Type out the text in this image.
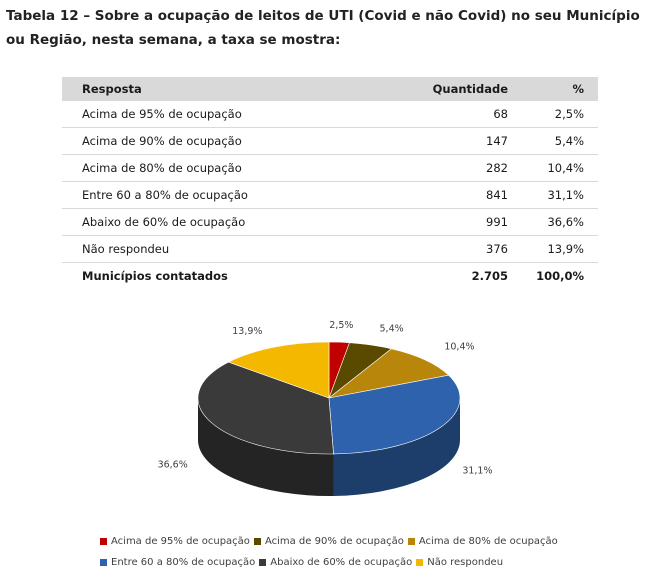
Tabela 12 – Sobre a ocupação de leitos de UTI (Covid e não Covid) no seu Município
ou Região, nesta semana, a taxa se mostra:
Resposta	Quantidade	%
Acima de 95% de ocupação	68	2,5%
Acima de 90% de ocupação	147	5,4%
Acima de 80% de ocupação	282	10,4%
Entre 60 a 80% de ocupação	841	31,1%
Abaixo de 60% de ocupação	991	36,6%
Não respondeu	376	13,9%
Municípios contatados	2.705	100,0%
2,5%	5,4%
10,4%
31,1%
36,6%
13,9%
Acima de 95% de ocupação Acima de 90% de ocupação Acima de 80% de ocupação
Entre 60 a 80% de ocupação Abaixo de 60% de ocupação Não respondeu
